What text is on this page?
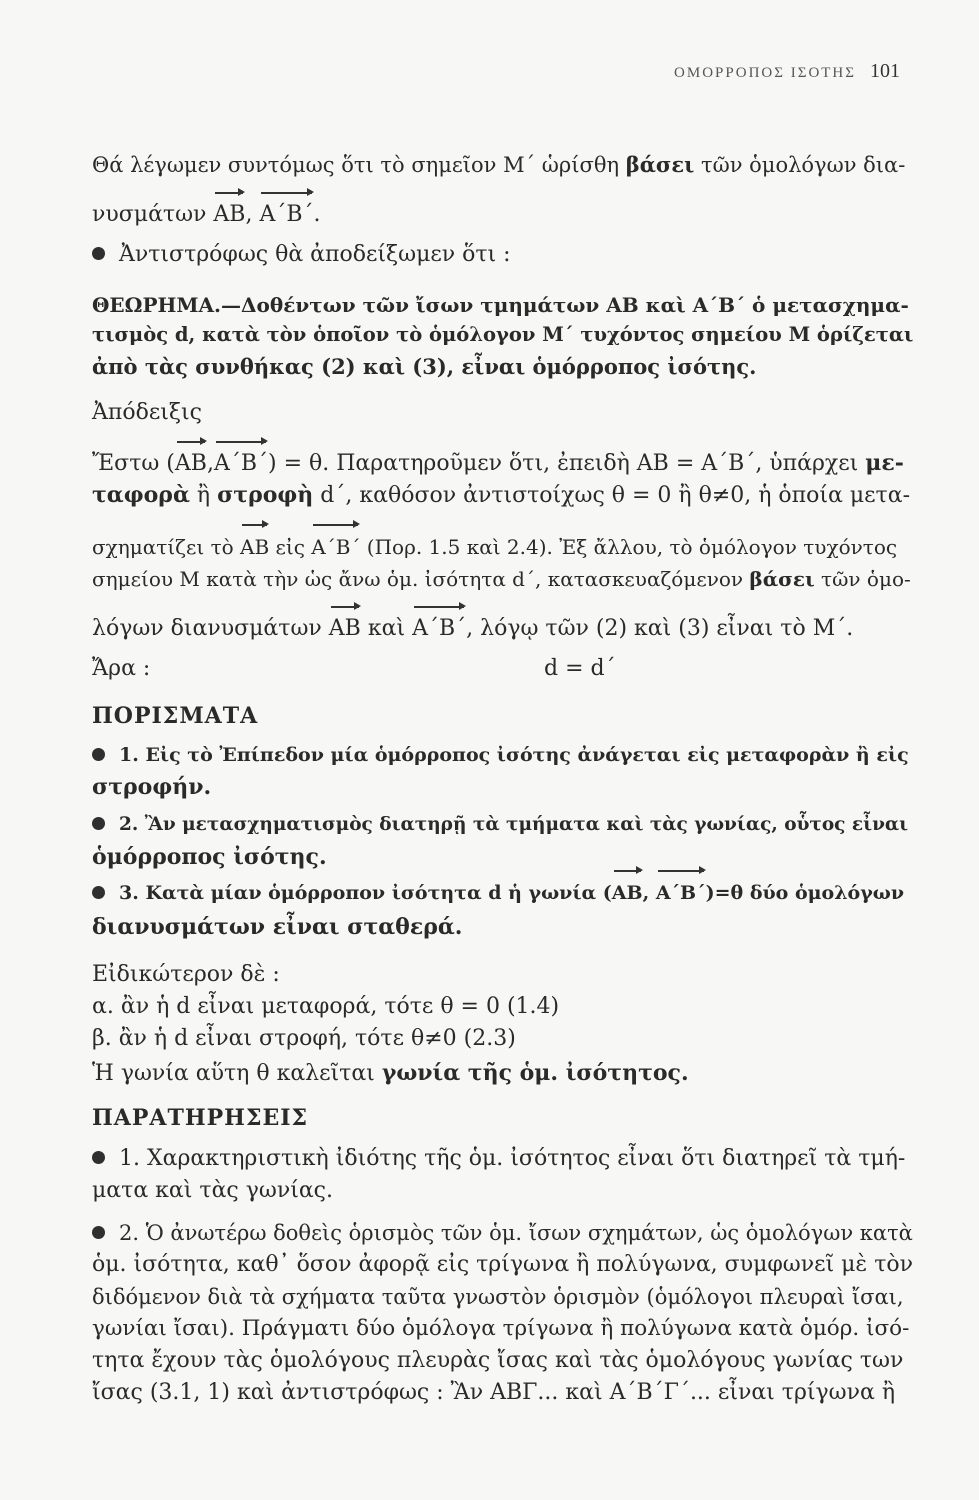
ΟΜΟΡΡΟΠΟΣ ΙΣΟΤΗΣ 101
Θά λέγωμεν συντόμως ὅτι τὸ σημεῖον Μ΄ ὡρίσθη βάσει τῶν ὁμολόγων δια-
νυσμάτων AB, A΄B΄.
Ἀντιστρόφως θὰ ἀποδείξωμεν ὅτι :
ΘΕΩΡΗΜΑ.—Δοθέντων τῶν ἴσων τμημάτων AB καὶ A΄B΄ ὁ μετασχημα-
τισμὸς d, κατὰ τὸν ὁποῖον τὸ ὁμόλογον Μ΄ τυχόντος σημείου Μ ὁρίζεται
ἀπὸ τὰς συνθήκας (2) καὶ (3), εἶναι ὁμόρροπος ἰσότης.
Ἀπόδειξις
Ἔστω (AB,A΄B΄) = θ. Παρατηροῦμεν ὅτι, ἐπειδὴ AB = A΄B΄, ὑπάρχει με-
ταφορὰ ἢ στροφὴ d΄, καθόσον ἀντιστοίχως θ = 0 ἢ θ≠0, ἡ ὁποία μετα-
σχηματίζει τὸ AB εἰς A΄B΄ (Πορ. 1.5 καὶ 2.4). Ἐξ ἄλλου, τὸ ὁμόλογον τυχόντος
σημείου Μ κατὰ τὴν ὡς ἄνω ὁμ. ἰσότητα d΄, κατασκευαζόμενον βάσει τῶν ὁμο-
λόγων διανυσμάτων AB καὶ A΄B΄, λόγῳ τῶν (2) καὶ (3) εἶναι τὸ Μ΄.
Ἄρα :	d = d΄
ΠΟΡΙΣΜΑΤΑ
1. Εἰς τὸ Ἐπίπεδον μία ὁμόρροπος ἰσότης ἀνάγεται εἰς μεταφορὰν ἢ εἰς
στροφήν.
2. Ἂν μετασχηματισμὸς διατηρῇ τὰ τμήματα καὶ τὰς γωνίας, οὗτος εἶναι
ὁμόρροπος ἰσότης.
3. Κατὰ μίαν ὁμόρροπον ἰσότητα d ἡ γωνία (AB, A΄B΄)=θ δύο ὁμολόγων
διανυσμάτων εἶναι σταθερά.
Εἰδικώτερον δὲ :
α. ἂν ἡ d εἶναι μεταφορά, τότε θ = 0 (1.4)
β. ἂν ἡ d εἶναι στροφή, τότε θ≠0 (2.3)
Ἡ γωνία αὕτη θ καλεῖται γωνία τῆς ὁμ. ἰσότητος.
ΠΑΡΑΤΗΡΗΣΕΙΣ
1. Χαρακτηριστικὴ ἰδιότης τῆς ὁμ. ἰσότητος εἶναι ὅτι διατηρεῖ τὰ τμή-
ματα καὶ τὰς γωνίας.
2. Ὁ ἀνωτέρω δοθεὶς ὁρισμὸς τῶν ὁμ. ἴσων σχημάτων, ὡς ὁμολόγων κατὰ
ὁμ. ἰσότητα, καθ᾽ ὅσον ἀφορᾷ εἰς τρίγωνα ἢ πολύγωνα, συμφωνεῖ μὲ τὸν
διδόμενον διὰ τὰ σχήματα ταῦτα γνωστὸν ὁρισμὸν (ὁμόλογοι πλευραὶ ἴσαι,
γωνίαι ἴσαι). Πράγματι δύο ὁμόλογα τρίγωνα ἢ πολύγωνα κατὰ ὁμόρ. ἰσό-
τητα ἔχουν τὰς ὁμολόγους πλευρὰς ἴσας καὶ τὰς ὁμολόγους γωνίας των
ἴσας (3.1, 1) καὶ ἀντιστρόφως : Ἂν ΑΒΓ... καὶ Α΄Β΄Γ΄... εἶναι τρίγωνα ἢ
